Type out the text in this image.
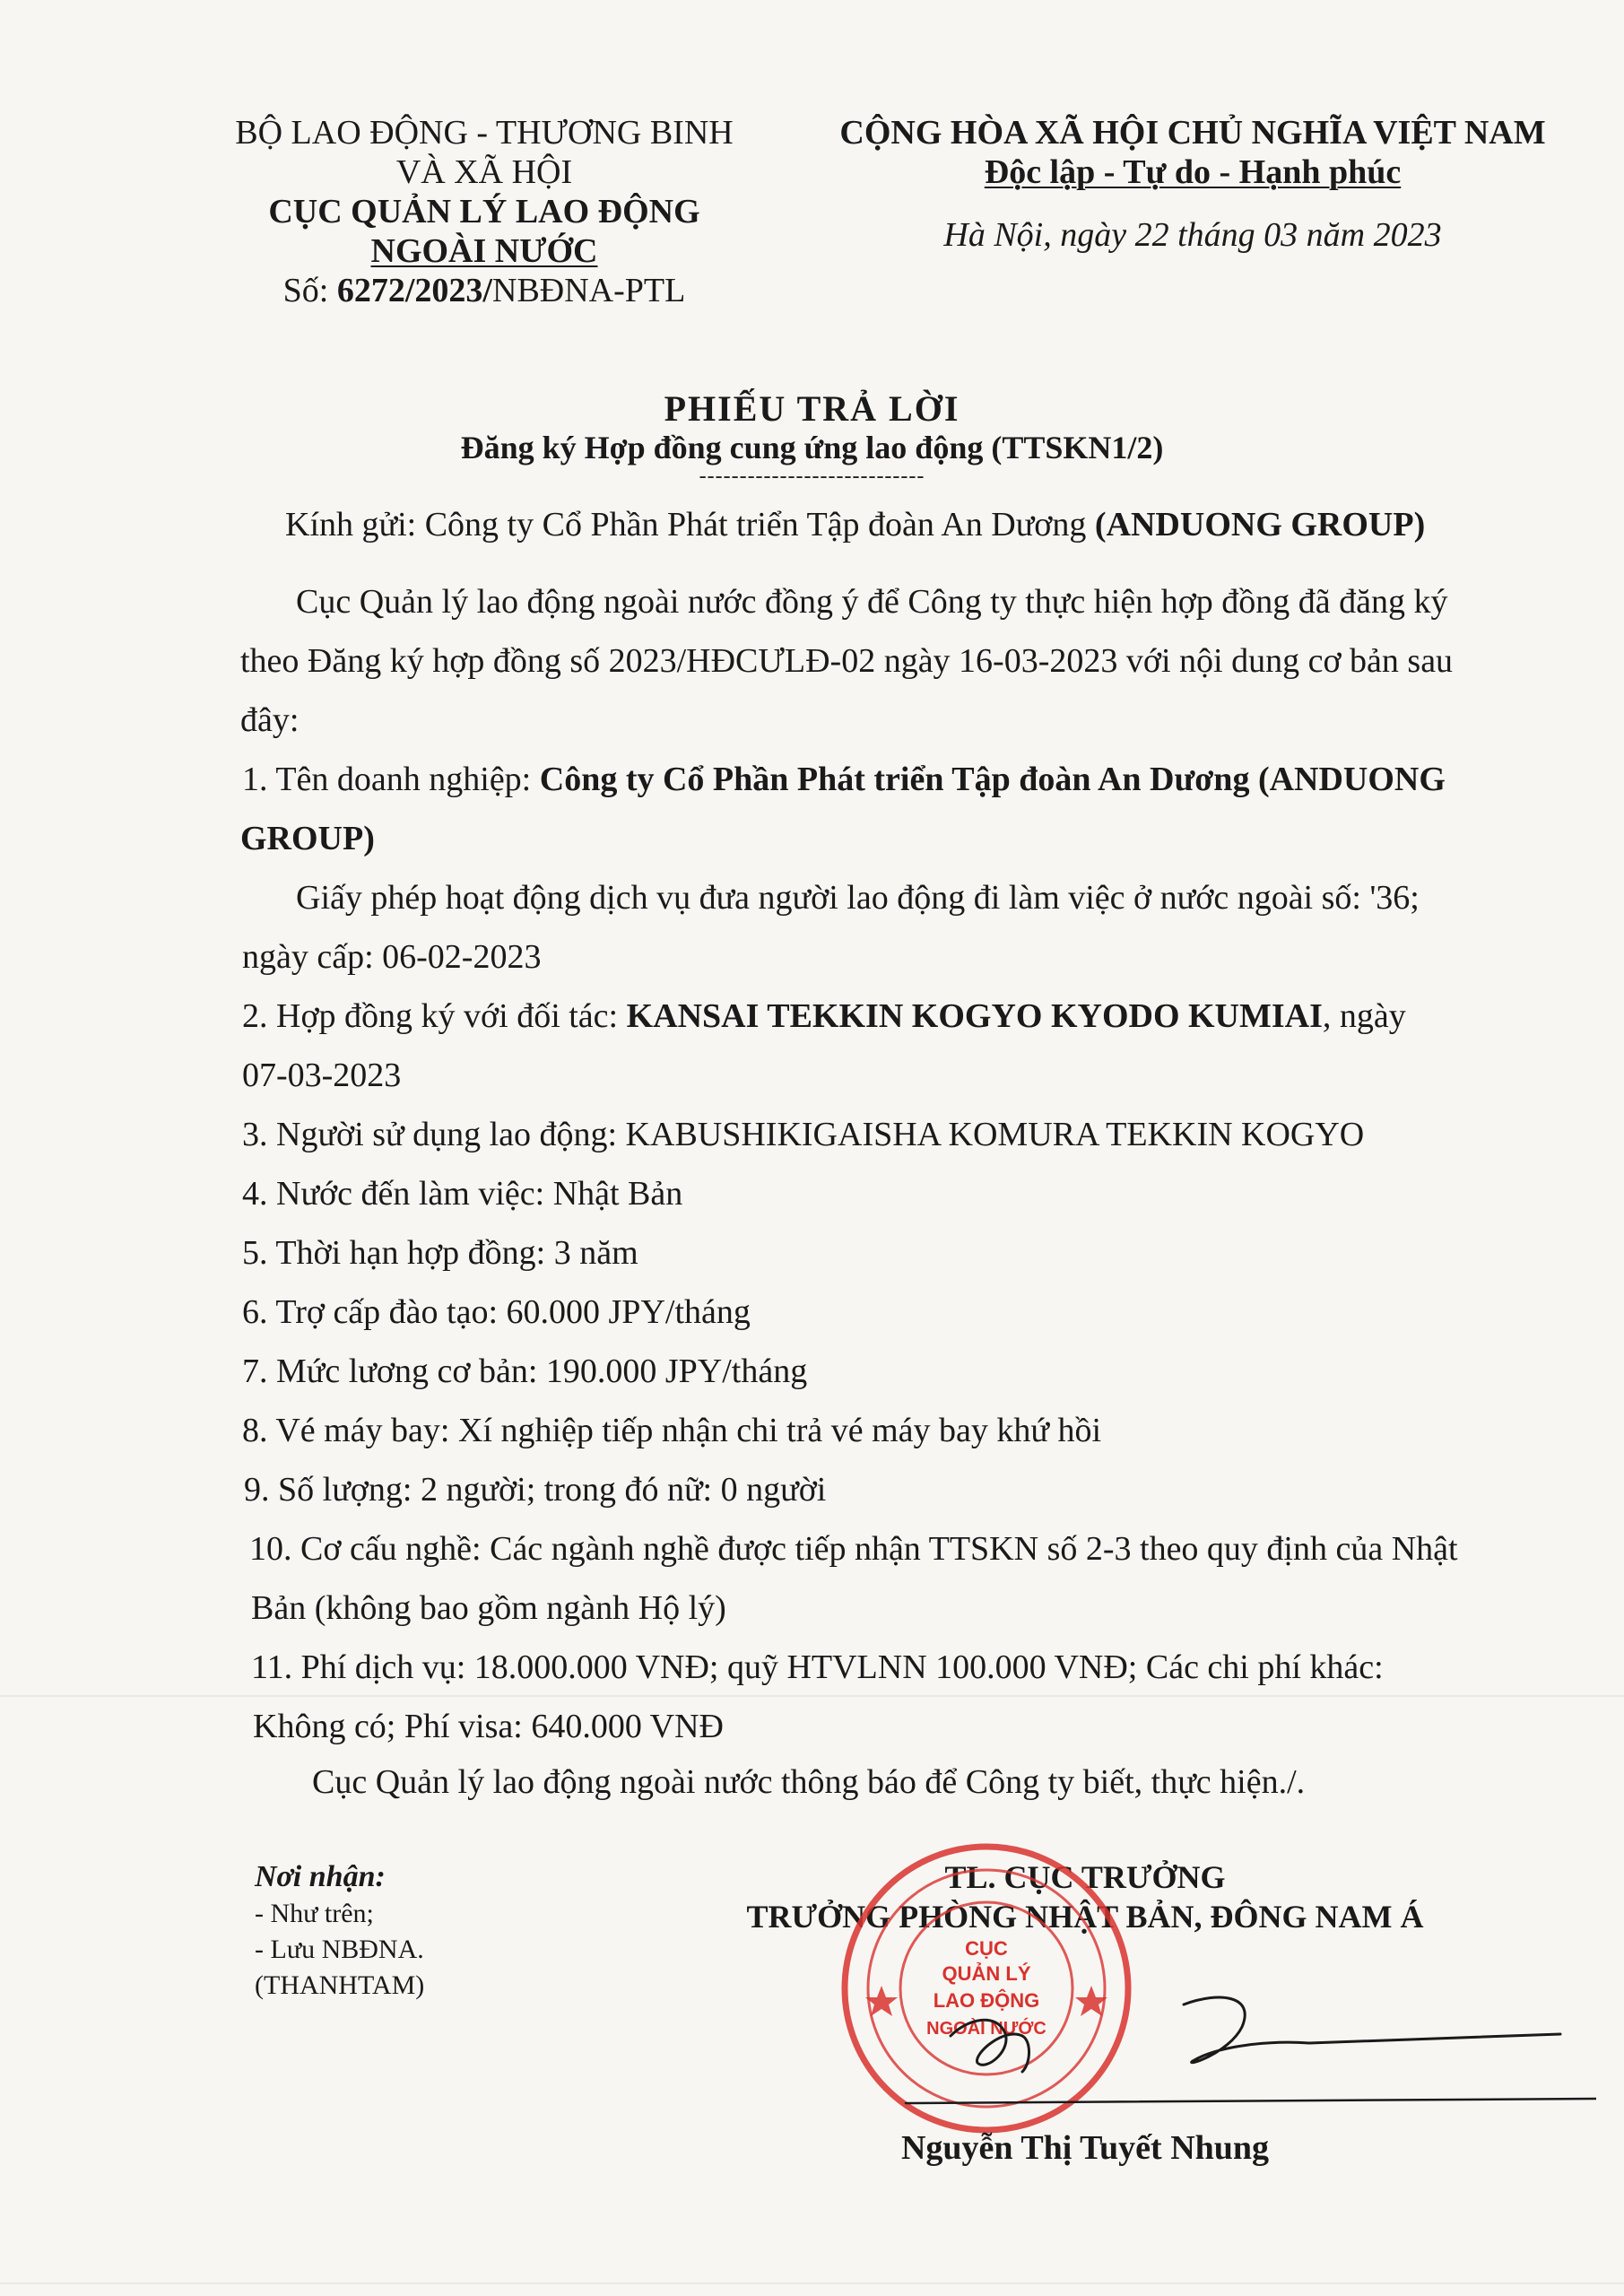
BỘ LAO ĐỘNG - THƯƠNG BINH
VÀ XÃ HỘI
CỤC QUẢN LÝ LAO ĐỘNG
NGOÀI NƯỚC
Số: 6272/2023/NBĐNA-PTL
CỘNG HÒA XÃ HỘI CHỦ NGHĨA VIỆT NAM
Độc lập - Tự do - Hạnh phúc
Hà Nội, ngày 22 tháng 03 năm 2023
PHIẾU TRẢ LỜI
Đăng ký Hợp đồng cung ứng lao động (TTSKN1/2)
----------------------------
Kính gửi: Công ty Cổ Phần Phát triển Tập đoàn An Dương (ANDUONG GROUP)
Cục Quản lý lao động ngoài nước đồng ý để Công ty thực hiện hợp đồng đã đăng ký
theo Đăng ký hợp đồng số 2023/HĐCƯLĐ-02 ngày 16-03-2023 với nội dung cơ bản sau
đây:
1. Tên doanh nghiệp: Công ty Cổ Phần Phát triển Tập đoàn An Dương (ANDUONG
GROUP)
Giấy phép hoạt động dịch vụ đưa người lao động đi làm việc ở nước ngoài số: '36;
ngày cấp: 06-02-2023
2. Hợp đồng ký với đối tác: KANSAI TEKKIN KOGYO KYODO KUMIAI, ngày
07-03-2023
3. Người sử dụng lao động: KABUSHIKIGAISHA KOMURA TEKKIN KOGYO
4. Nước đến làm việc: Nhật Bản
5. Thời hạn hợp đồng: 3 năm
6. Trợ cấp đào tạo: 60.000 JPY/tháng
7. Mức lương cơ bản: 190.000 JPY/tháng
8. Vé máy bay: Xí nghiệp tiếp nhận chi trả vé máy bay khứ hồi
9. Số lượng: 2 người; trong đó nữ: 0 người
10. Cơ cấu nghề: Các ngành nghề được tiếp nhận TTSKN số 2-3 theo quy định của Nhật
Bản (không bao gồm ngành Hộ lý)
11. Phí dịch vụ: 18.000.000 VNĐ; quỹ HTVLNN 100.000 VNĐ; Các chi phí khác:
Không có; Phí visa: 640.000 VNĐ
Cục Quản lý lao động ngoài nước thông báo để Công ty biết, thực hiện./.
Nơi nhận:
- Như trên;
- Lưu NBĐNA.
(THANHTAM)
TL. CỤC TRƯỞNG
TRƯỞNG PHÒNG NHẬT BẢN, ĐÔNG NAM Á
CỤC
QUẢN LÝ
LAO ĐỘNG
NGOÀI NƯỚC
Nguyễn Thị Tuyết Nhung
